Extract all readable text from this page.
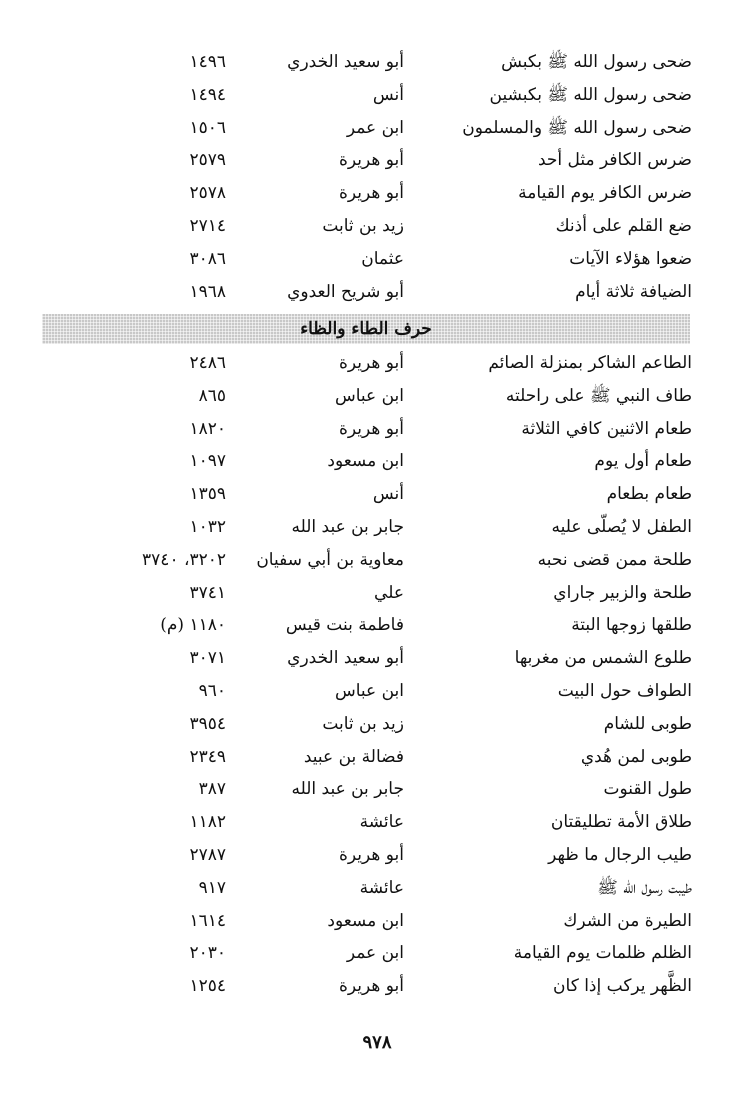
ضحى رسول الله ﷺ بكبش
أبو سعيد الخدري
١٤٩٦
ضحى رسول الله ﷺ بكبشين
أنس
١٤٩٤
ضحى رسول الله ﷺ والمسلمون
ابن عمر
١٥٠٦
ضرس الكافر مثل أحد
أبو هريرة
٢٥٧٩
ضرس الكافر يوم القيامة
أبو هريرة
٢٥٧٨
ضع القلم على أذنك
زيد بن ثابت
٢٧١٤
ضعوا هؤلاء الآيات
عثمان
٣٠٨٦
الضيافة ثلاثة أيام
أبو شريح العدوي
١٩٦٨
حرف الطاء والظاء
الطاعم الشاكر بمنزلة الصائم
أبو هريرة
٢٤٨٦
طاف النبي ﷺ على راحلته
ابن عباس
٨٦٥
طعام الاثنين كافي الثلاثة
أبو هريرة
١٨٢٠
طعام أول يوم
ابن مسعود
١٠٩٧
طعام بطعام
أنس
١٣٥٩
الطفل لا يُصلّى عليه
جابر بن عبد الله
١٠٣٢
طلحة ممن قضى نحبه
معاوية بن أبي سفيان
٣٢٠٢، ٣٧٤٠
طلحة والزبير جاراي
علي
٣٧٤١
طلقها زوجها البتة
فاطمة بنت قيس
١١٨٠ (م)
طلوع الشمس من مغربها
أبو سعيد الخدري
٣٠٧١
الطواف حول البيت
ابن عباس
٩٦٠
طوبى للشام
زيد بن ثابت
٣٩٥٤
طوبى لمن هُدي
فضالة بن عبيد
٢٣٤٩
طول القنوت
جابر بن عبد الله
٣٨٧
طلاق الأمة تطليقتان
عائشة
١١٨٢
طيب الرجال ما ظهر
أبو هريرة
٢٧٨٧
طيبت رسول الله ﷺ
عائشة
٩١٧
الطيرة من الشرك
ابن مسعود
١٦١٤
الظلم ظلمات يوم القيامة
ابن عمر
٢٠٣٠
الظَّهر يركب إذا كان
أبو هريرة
١٢٥٤
٩٧٨
